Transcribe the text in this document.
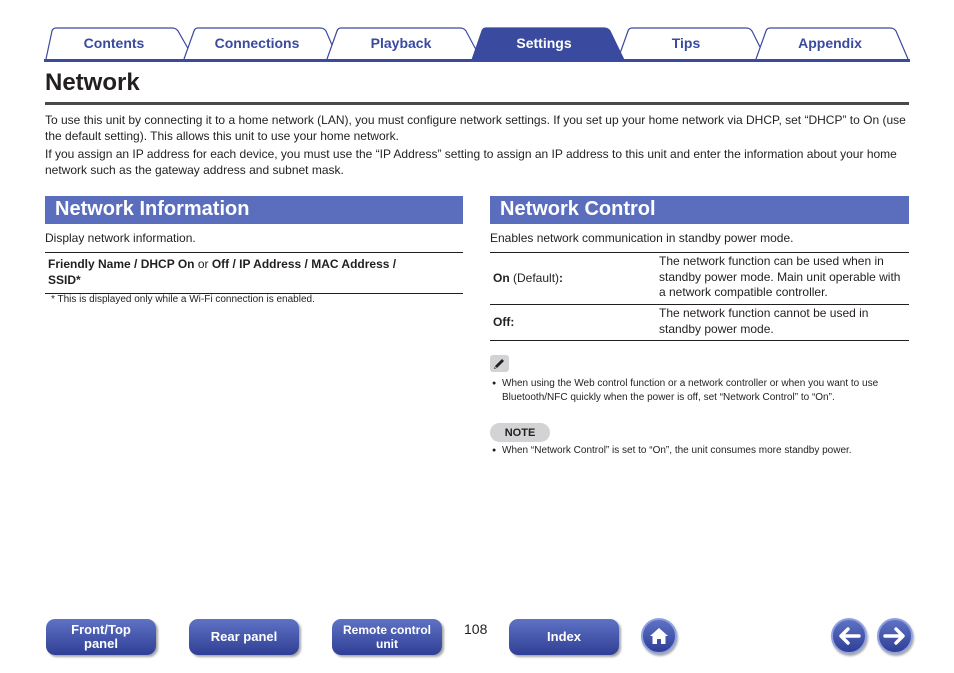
Contents	Connections	Playback	Settings	Tips	Appendix
Network

To use this unit by connecting it to a home network (LAN), you must configure network settings. If you set up your home network via DHCP, set “DHCP” to On (use the default setting). This allows this unit to use your home network.

If you assign an IP address for each device, you must use the “IP Address” setting to assign an IP address to this unit and enter the information about your home network such as the gateway address and subnet mask.

Network Information
Display network information.
Friendly Name / DHCP On or Off / IP Address / MAC Address /
SSID*
* This is displayed only while a Wi-Fi connection is enabled.
Network Control
Enables network communication in standby power mode.
On (Default):	The network function can be used when in standby power mode. Main unit operable with a network compatible controller.
Off:	The network function cannot be used in standby power mode.
● When using the Web control function or a network controller or when you want to use Bluetooth/NFC quickly when the power is off, set “Network Control” to “On”.
NOTE
● When “Network Control” is set to “On”, the unit consumes more standby power.
Front/Top
panel	Rear panel	Remote control
unit
108	Index
